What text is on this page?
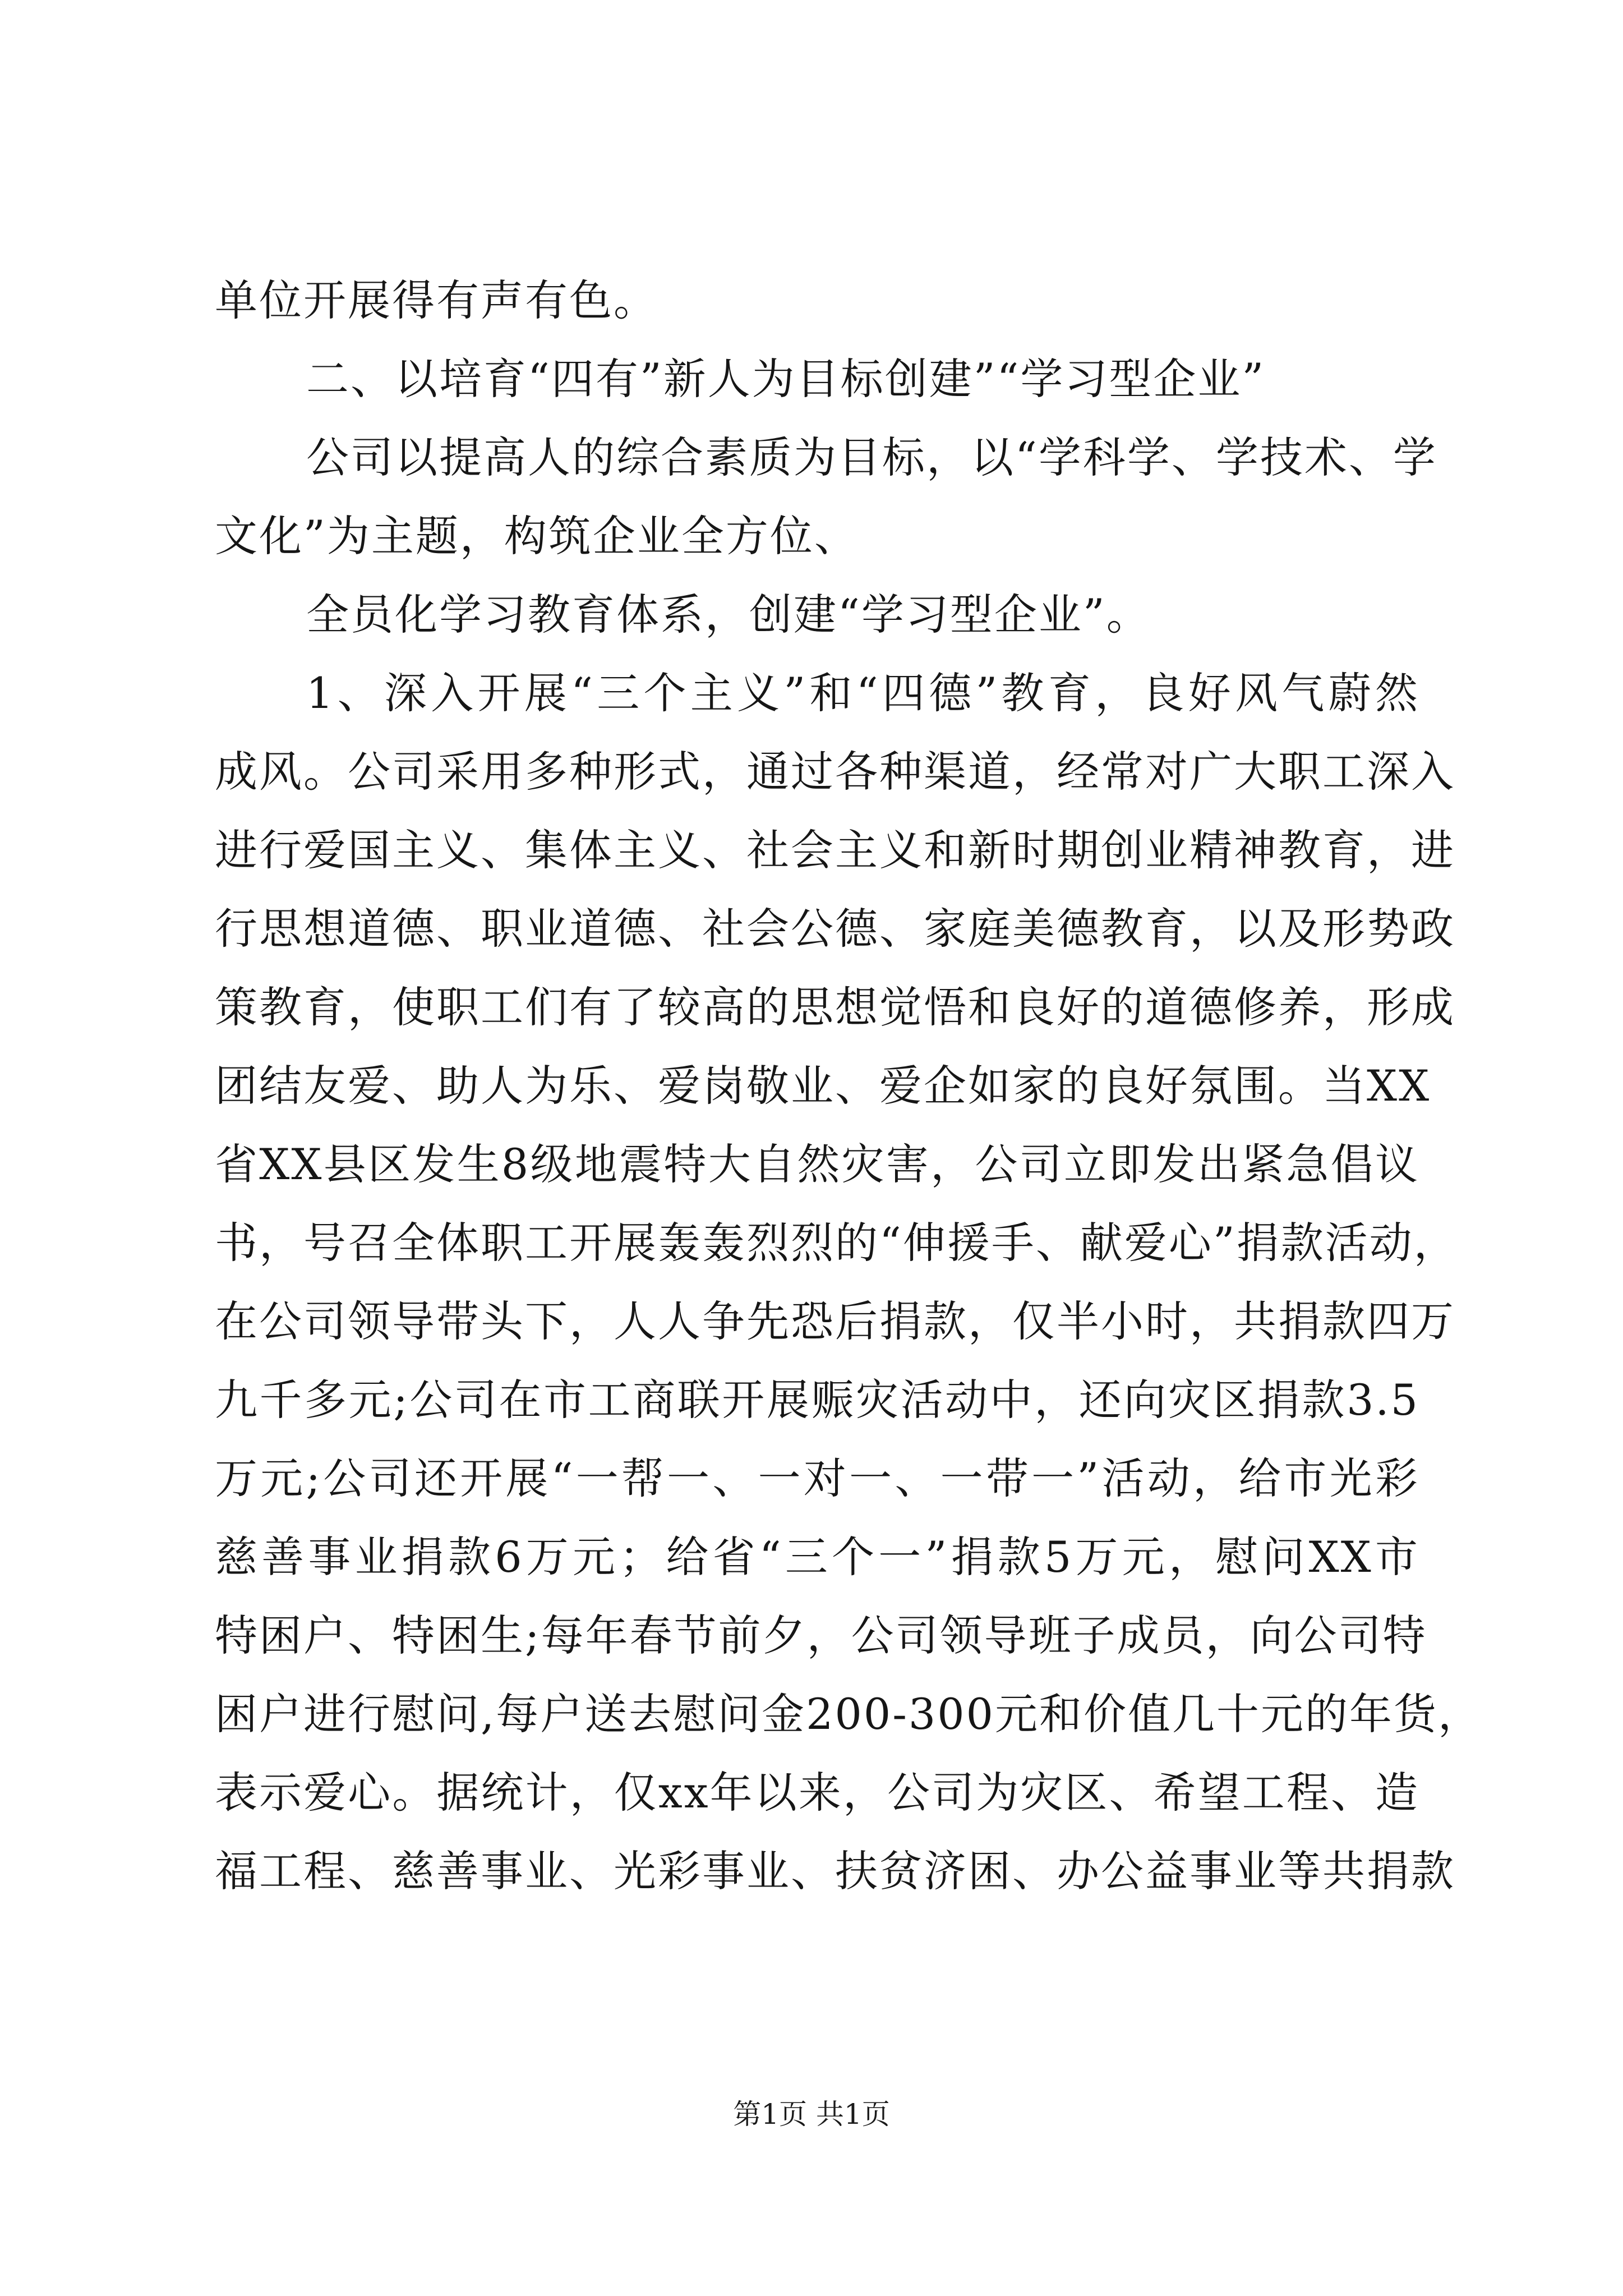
单位开展得有声有色。
二、以培育“四有”新人为目标创建”“学习型企业”
公司以提高人的综合素质为目标，以“学科学、学技术、学
文化”为主题，构筑企业全方位、
全员化学习教育体系，创建“学习型企业”。
1、深入开展“三个主义”和“四德”教育，良好风气蔚然
成风。公司采用多种形式，通过各种渠道，经常对广大职工深入
进行爱国主义、集体主义、社会主义和新时期创业精神教育，进
行思想道德、职业道德、社会公德、家庭美德教育，以及形势政
策教育，使职工们有了较高的思想觉悟和良好的道德修养，形成
团结友爱、助人为乐、爱岗敬业、爱企如家的良好氛围。当XX
省XX县区发生8级地震特大自然灾害，公司立即发出紧急倡议
书，号召全体职工开展轰轰烈烈的“伸援手、献爱心”捐款活动，
在公司领导带头下，人人争先恐后捐款，仅半小时，共捐款四万
九千多元;公司在市工商联开展赈灾活动中，还向灾区捐款3.5
万元;公司还开展“一帮一、一对一、一带一”活动，给市光彩
慈善事业捐款6万元；给省“三个一”捐款5万元，慰问XX市
特困户、特困生;每年春节前夕，公司领导班子成员，向公司特
困户进行慰问,每户送去慰问金200-300元和价值几十元的年货，
表示爱心。据统计，仅xx年以来，公司为灾区、希望工程、造
福工程、慈善事业、光彩事业、扶贫济困、办公益事业等共捐款
第1页 共1页
